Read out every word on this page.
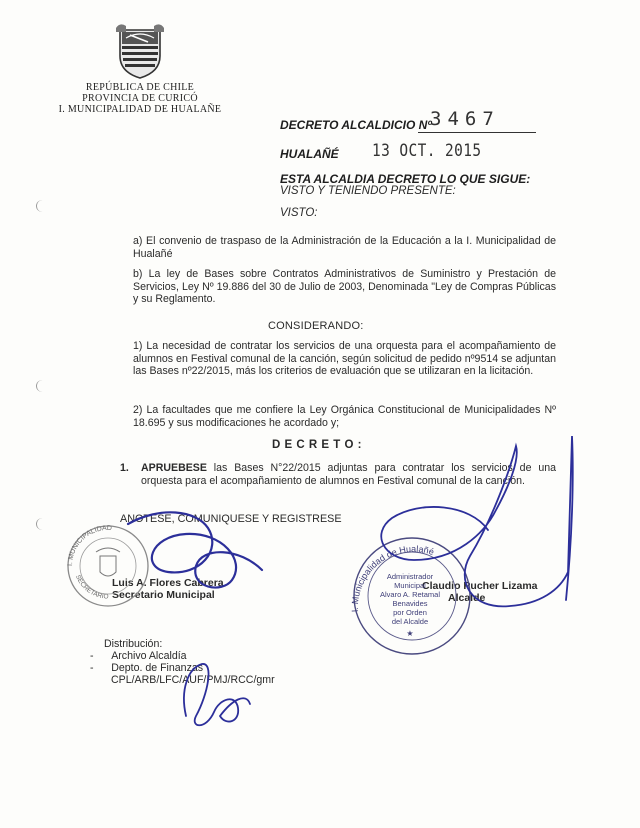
REPÚBLICA DE CHILE
PROVINCIA DE CURICÓ
I. MUNICIPALIDAD DE HUALAÑE
DECRETO ALCALDICIO Nº
3467
HUALAÑÉ 13 OCT. 2015
ESTA ALCALDIA DECRETO LO QUE SIGUE:
VISTO Y TENIENDO PRESENTE:
VISTO:
a) El convenio de traspaso de la Administración de la Educación a la I. Municipalidad de Hualañé
b) La ley de Bases sobre Contratos Administrativos de Suministro y Prestación de Servicios, Ley Nº 19.886 del 30 de Julio de 2003, Denominada "Ley de Compras Públicas y su Reglamento.
CONSIDERANDO:
1) La necesidad de contratar los servicios de una orquesta para el acompañamiento de alumnos en Festival comunal de la canción, según solicitud de pedido nº9514 se adjuntan las Bases nº22/2015, más los criterios de evaluación que se utilizaran en la licitación.
2) La facultades que me confiere la Ley Orgánica Constitucional de Municipalidades Nº 18.695 y sus modificaciones he acordado y;
D E C R E T O :
1. APRUEBESE las Bases N°22/2015 adjuntas para contratar los servicios de una orquesta para el acompañamiento de alumnos en Festival comunal de la canción.
ANOTESE, COMUNIQUESE Y REGISTRESE
Luis A. Flores Cabrera
Secretario Municipal
Claudio Pucher Lizama
Alcalde
Distribución:
-      Archivo Alcaldía
-      Depto. de Finanzas
CPL/ARB/LFC/AUF/PMJ/RCC/gmr
I. MUNICIPALIDAD
SECRETARIO
I. Municipalidad de Hualañé
Administrador
Municipal
Alvaro A. Retamal
Benavides
por Orden
del Alcalde
★
